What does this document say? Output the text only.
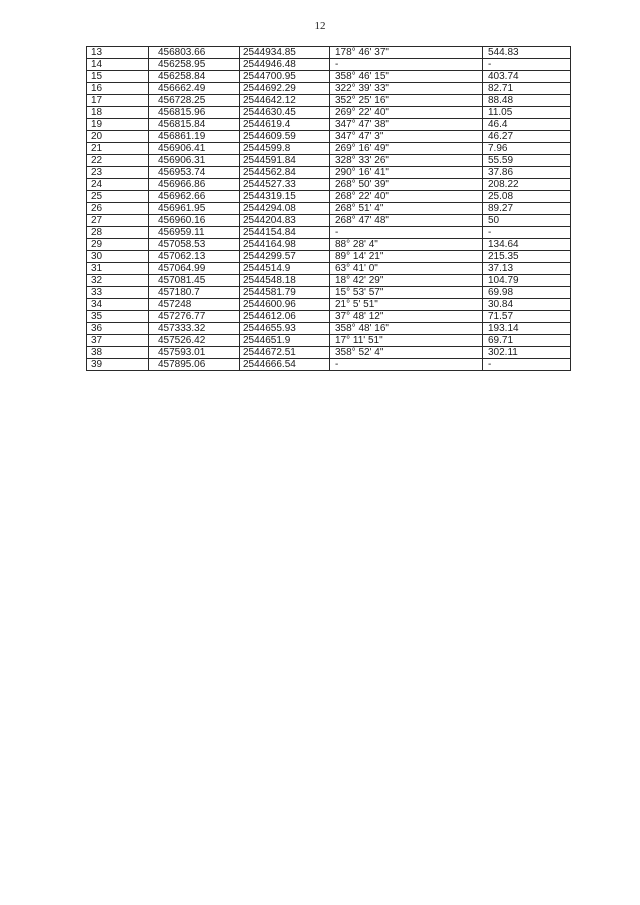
12
13	456803.66	2544934.85	178° 46' 37"	544.83
14	456258.95	2544946.48	-	-
15	456258.84	2544700.95	358° 46' 15"	403.74
16	456662.49	2544692.29	322° 39' 33"	82.71
17	456728.25	2544642.12	352° 25' 16"	88.48
18	456815.96	2544630.45	269° 22' 40"	11.05
19	456815.84	2544619.4	347° 47' 38"	46.4
20	456861.19	2544609.59	347° 47' 3"	46.27
21	456906.41	2544599.8	269° 16' 49"	7.96
22	456906.31	2544591.84	328° 33' 26"	55.59
23	456953.74	2544562.84	290° 16' 41"	37.86
24	456966.86	2544527.33	268° 50' 39"	208.22
25	456962.66	2544319.15	268° 22' 40"	25.08
26	456961.95	2544294.08	268° 51' 4"	89.27
27	456960.16	2544204.83	268° 47' 48"	50
28	456959.11	2544154.84	-	-
29	457058.53	2544164.98	88° 28' 4"	134.64
30	457062.13	2544299.57	89° 14' 21"	215.35
31	457064.99	2544514.9	63° 41' 0"	37.13
32	457081.45	2544548.18	18° 42' 29"	104.79
33	457180.7	2544581.79	15° 53' 57"	69.98
34	457248	2544600.96	21° 5' 51"	30.84
35	457276.77	2544612.06	37° 48' 12"	71.57
36	457333.32	2544655.93	358° 48' 16"	193.14
37	457526.42	2544651.9	17° 11' 51"	69.71
38	457593.01	2544672.51	358° 52' 4"	302.11
39	457895.06	2544666.54	-	-
